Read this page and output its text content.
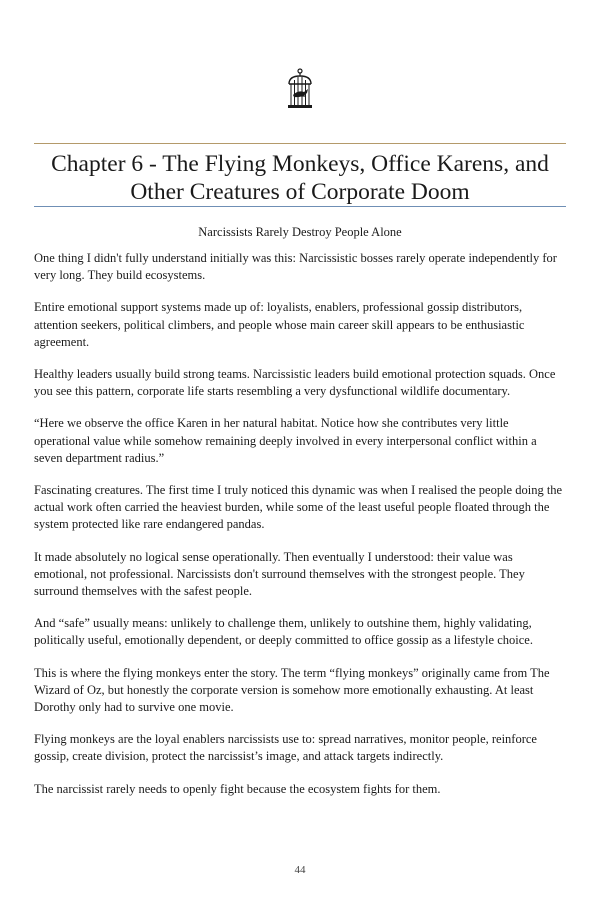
Chapter 6 - The Flying Monkeys, Office Karens, and Other Creatures of Corporate Doom

Narcissists Rarely Destroy People Alone

One thing I didn't fully understand initially was this: Narcissistic bosses rarely operate independently for very long. They build ecosystems.

Entire emotional support systems made up of: loyalists, enablers, professional gossip distributors, attention seekers, political climbers, and people whose main career skill appears to be enthusiastic agreement.

Healthy leaders usually build strong teams. Narcissistic leaders build emotional protection squads. Once you see this pattern, corporate life starts resembling a very dysfunctional wildlife documentary.

“Here we observe the office Karen in her natural habitat. Notice how she contributes very little operational value while somehow remaining deeply involved in every interpersonal conflict within a seven department radius.”

Fascinating creatures. The first time I truly noticed this dynamic was when I realised the people doing the actual work often carried the heaviest burden, while some of the least useful people floated through the system protected like rare endangered pandas.

It made absolutely no logical sense operationally. Then eventually I understood: their value was emotional, not professional. Narcissists don't surround themselves with the strongest people. They surround themselves with the safest people.

And “safe” usually means: unlikely to challenge them, unlikely to outshine them, highly validating, politically useful, emotionally dependent, or deeply committed to office gossip as a lifestyle choice.

This is where the flying monkeys enter the story. The term “flying monkeys” originally came from The Wizard of Oz, but honestly the corporate version is somehow more emotionally exhausting. At least Dorothy only had to survive one movie.

Flying monkeys are the loyal enablers narcissists use to: spread narratives, monitor people, reinforce gossip, create division, protect the narcissist’s image, and attack targets indirectly.

The narcissist rarely needs to openly fight because the ecosystem fights for them.

44
